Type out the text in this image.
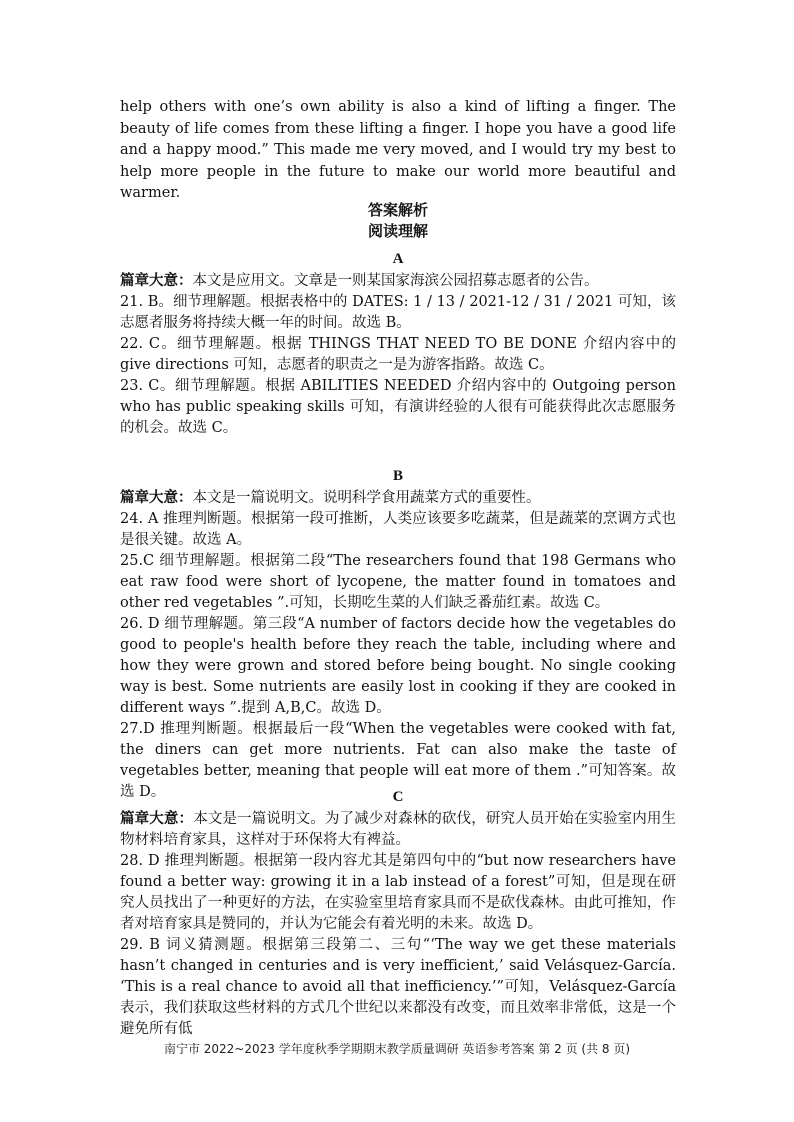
help others with one’s own ability is also a kind of lifting a finger. The beauty of life comes from these lifting a finger. I hope you have a good life and a happy mood.” This made me very moved, and I would try my best to help more people in the future to make our world more beautiful and warmer.

答案解析
阅读理解
A

篇章大意：本文是应用文。文章是一则某国家海滨公园招募志愿者的公告。

21. B。细节理解题。根据表格中的 DATES: 1 / 13 / 2021-12 / 31 / 2021 可知，该志愿者服务将持续大概一年的时间。故选 B。

22. C。细节理解题。根据 THINGS THAT NEED TO BE DONE 介绍内容中的 give directions 可知，志愿者的职责之一是为游客指路。故选 C。

23. C。细节理解题。根据 ABILITIES NEEDED 介绍内容中的 Outgoing person who has public speaking skills 可知，有演讲经验的人很有可能获得此次志愿服务的机会。故选 C。

B

篇章大意：本文是一篇说明文。说明科学食用蔬菜方式的重要性。

24. A 推理判断题。根据第一段可推断，人类应该要多吃蔬菜，但是蔬菜的烹调方式也是很关键。故选 A。

25.C 细节理解题。根据第二段“The researchers found that 198 Germans who eat raw food were short of lycopene, the matter found in tomatoes and other red vegetables ”.可知，长期吃生菜的人们缺乏番茄红素。故选 C。

26. D 细节理解题。第三段“A number of factors decide how the vegetables do good to people's health before they reach the table, including where and how they were grown and stored before being bought. No single cooking way is best. Some nutrients are easily lost in cooking if they are cooked in different ways ”.提到 A,B,C。故选 D。

27.D 推理判断题。根据最后一段“When the vegetables were cooked with fat, the diners can get more nutrients. Fat can also make the taste of vegetables better, meaning that people will eat more of them .”可知答案。故选 D。	C

篇章大意：本文是一篇说明文。为了减少对森林的砍伐，研究人员开始在实验室内用生物材料培育家具，这样对于环保将大有裨益。

28. D 推理判断题。根据第一段内容尤其是第四句中的“but now researchers have found a better way: growing it in a lab instead of a forest”可知，但是现在研究人员找出了一种更好的方法，在实验室里培育家具而不是砍伐森林。由此可推知，作者对培育家具是赞同的，并认为它能会有着光明的未来。故选 D。

29. B 词义猜测题。根据第三段第二、三句“‘The way we get these materials hasn’t changed in centuries and is very inefficient,’ said Velásquez-García. ‘This is a real chance to avoid all that inefficiency.’”可知，Velásquez-García 表示，我们获取这些材料的方式几个世纪以来都没有改变，而且效率非常低，这是一个避免所有低

南宁市 2022~2023 学年度秋季学期期末教学质量调研 英语参考答案 第 2 页 (共 8 页)
